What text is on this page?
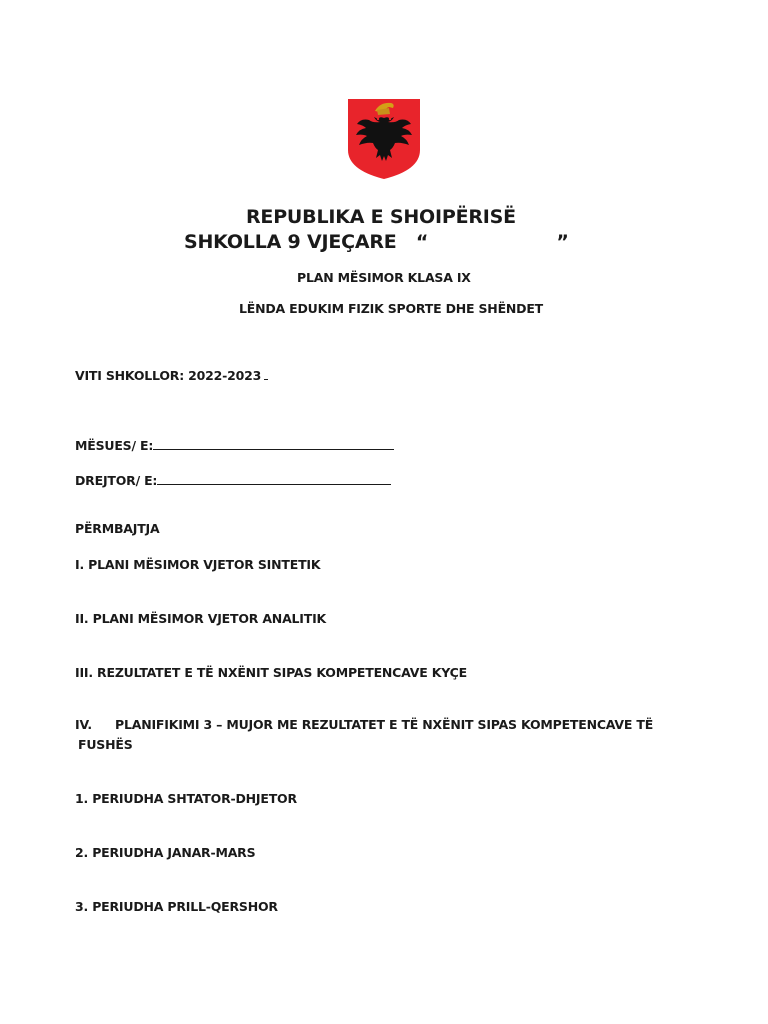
REPUBLIKA E SHOIPËRISË
SHKOLLA 9 VJEÇARE   “                    ”
PLAN MËSIMOR KLASA IX
LËNDA EDUKIM FIZIK SPORTE DHE SHËNDET
VITI SHKOLLOR: 2022-2023
MËSUES/ E:
DREJTOR/ E:
PËRMBAJTJA
I. PLANI MËSIMOR VJETOR SINTETIK
II. PLANI MËSIMOR VJETOR ANALITIK
III. REZULTATET E TË NXËNIT SIPAS KOMPETENCAVE KYÇE
IV. PLANIFIKIMI 3 – MUJOR ME REZULTATET E TË NXËNIT SIPAS KOMPETENCAVE TË
FUSHËS
1. PERIUDHA SHTATOR-DHJETOR
2. PERIUDHA JANAR-MARS
3. PERIUDHA PRILL-QERSHOR
